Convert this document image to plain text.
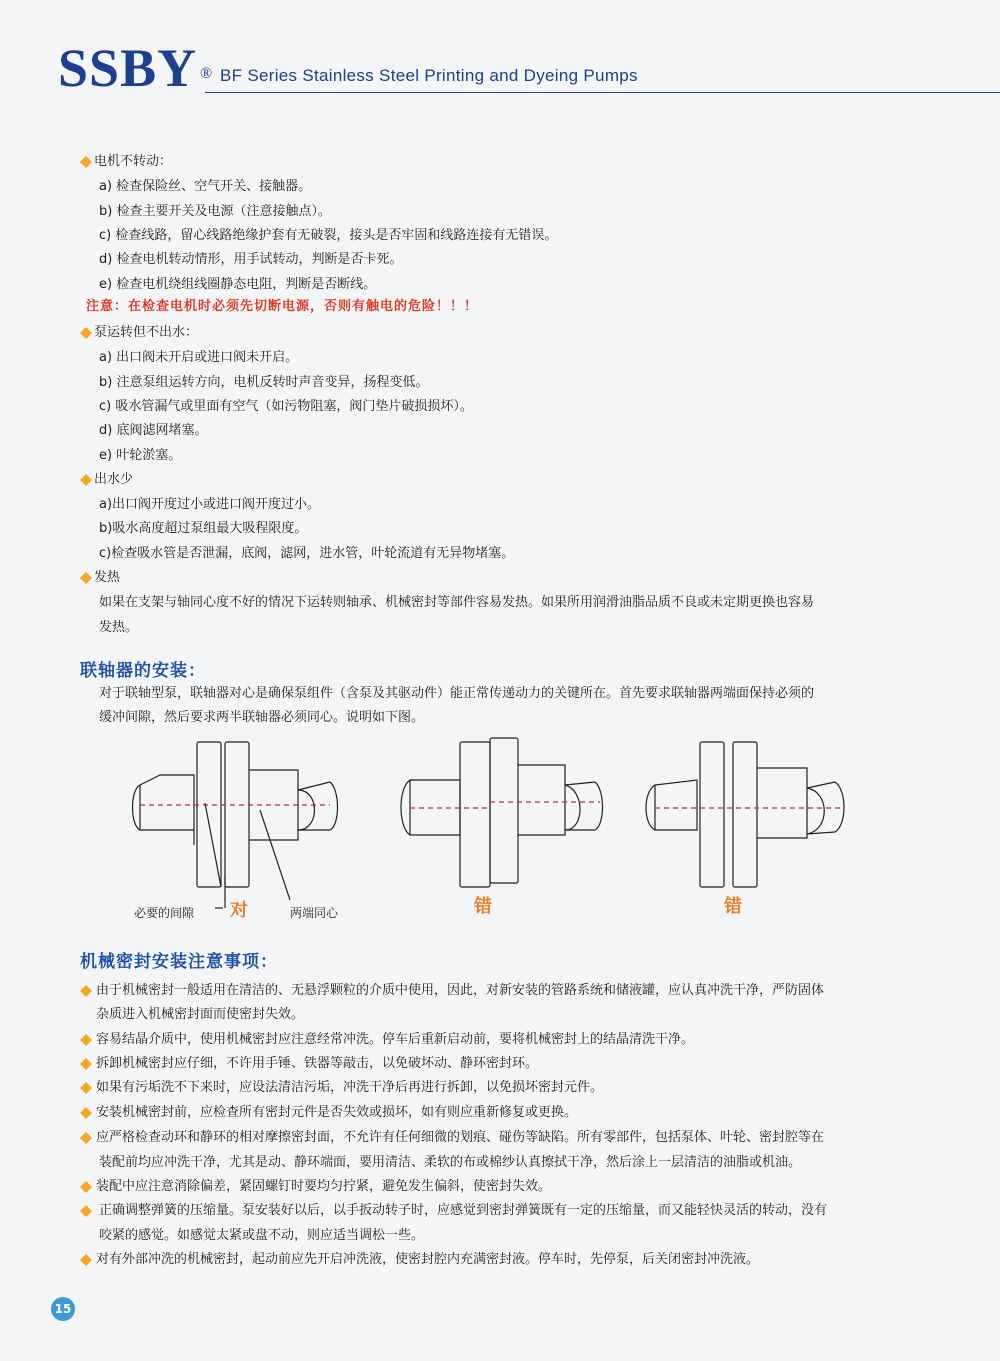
SSBY ® BF Series Stainless Steel Printing and Dyeing Pumps
电机不转动：
a) 检查保险丝、空气开关、接触器。
b) 检查主要开关及电源（注意接触点）。
c) 检查线路，留心线路绝缘护套有无破裂，接头是否牢固和线路连接有无错误。
d) 检查电机转动情形，用手试转动，判断是否卡死。
e) 检查电机绕组线圈静态电阻，判断是否断线。
注意：在检查电机时必须先切断电源，否则有触电的危险！！！
泵运转但不出水：
a) 出口阀未开启或进口阀未开启。
b) 注意泵组运转方向，电机反转时声音变异，扬程变低。
c) 吸水管漏气或里面有空气（如污物阻塞，阀门垫片破损损坏）。
d) 底阀滤网堵塞。
e) 叶轮淤塞。
出水少
a)出口阀开度过小或进口阀开度过小。
b)吸水高度超过泵组最大吸程限度。
c)检查吸水管是否泄漏，底阀，滤网，进水管，叶轮流道有无异物堵塞。
发热
如果在支架与轴同心度不好的情况下运转则轴承、机械密封等部件容易发热。如果所用润滑油脂品质不良或未定期更换也容易
发热。
联轴器的安装：
对于联轴型泵，联轴器对心是确保泵组件（含泵及其驱动件）能正常传递动力的关键所在。首先要求联轴器两端面保持必须的
缓冲间隙，然后要求两半联轴器必须同心。说明如下图。
必要的间隙	两端同心
对	错	错
机械密封安装注意事项：
由于机械密封一般适用在清洁的、无悬浮颗粒的介质中使用，因此，对新安装的管路系统和储液罐，应认真冲洗干净，严防固体
杂质进入机械密封面而使密封失效。
容易结晶介质中，使用机械密封应注意经常冲洗。停车后重新启动前，要将机械密封上的结晶清洗干净。
拆卸机械密封应仔细，不许用手锤、铁器等敲击，以免破坏动、静环密封环。
如果有污垢洗不下来时，应设法清洁污垢，冲洗干净后再进行拆卸，以免损坏密封元件。
安装机械密封前，应检查所有密封元件是否失效或损坏，如有则应重新修复或更换。
应严格检查动环和静环的相对摩擦密封面，不允许有任何细微的划痕、碰伤等缺陷。所有零部件，包括泵体、叶轮、密封腔等在
装配前均应冲洗干净，尤其是动、静环端面，要用清洁、柔软的布或棉纱认真擦拭干净，然后涂上一层清洁的油脂或机油。
装配中应注意消除偏差，紧固螺钉时要均匀拧紧，避免发生偏斜，使密封失效。
正确调整弹簧的压缩量。泵安装好以后，以手扳动转子时，应感觉到密封弹簧既有一定的压缩量，而又能轻快灵活的转动，没有
咬紧的感觉。如感觉太紧或盘不动，则应适当调松一些。
对有外部冲洗的机械密封，起动前应先开启冲洗液，使密封腔内充满密封液。停车时，先停泵，后关闭密封冲洗液。
15
